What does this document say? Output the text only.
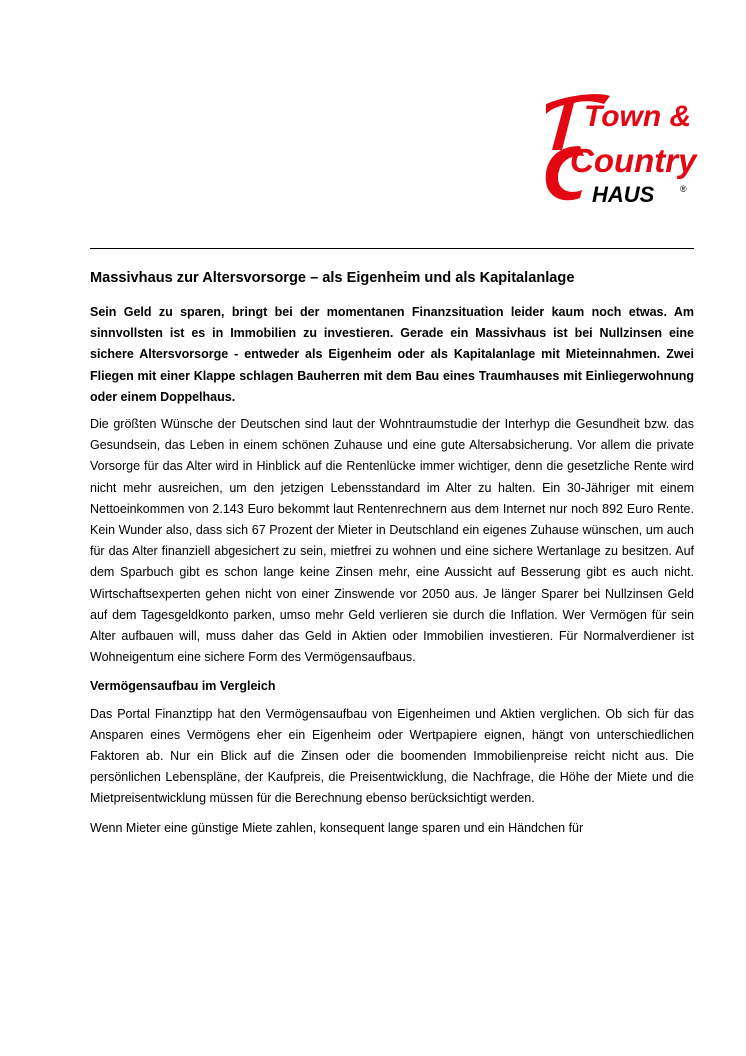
Town &
Country
HAUS	®
Massivhaus zur Altersvorsorge – als Eigenheim und als Kapitalanlage

Sein Geld zu sparen, bringt bei der momentanen Finanzsituation leider kaum noch etwas. Am sinnvollsten ist es in Immobilien zu investieren. Gerade ein Massivhaus ist bei Nullzinsen eine sichere Altersvorsorge - entweder als Eigenheim oder als Kapitalanlage mit Mieteinnahmen. Zwei Fliegen mit einer Klappe schlagen Bauherren mit dem Bau eines Traumhauses mit Einliegerwohnung oder einem Doppelhaus.

Die größten Wünsche der Deutschen sind laut der Wohntraumstudie der Interhyp die Gesundheit bzw. das Gesundsein, das Leben in einem schönen Zuhause und eine gute Altersabsicherung. Vor allem die private Vorsorge für das Alter wird in Hinblick auf die Rentenlücke immer wichtiger, denn die gesetzliche Rente wird nicht mehr ausreichen, um den jetzigen Lebensstandard im Alter zu halten. Ein 30-Jähriger mit einem Nettoeinkommen von 2.143 Euro bekommt laut Rentenrechnern aus dem Internet nur noch 892 Euro Rente. Kein Wunder also, dass sich 67 Prozent der Mieter in Deutschland ein eigenes Zuhause wünschen, um auch für das Alter finanziell abgesichert zu sein, mietfrei zu wohnen und eine sichere Wertanlage zu besitzen. Auf dem Sparbuch gibt es schon lange keine Zinsen mehr, eine Aussicht auf Besserung gibt es auch nicht. Wirtschaftsexperten gehen nicht von einer Zinswende vor 2050 aus. Je länger Sparer bei Nullzinsen Geld auf dem Tagesgeldkonto parken, umso mehr Geld verlieren sie durch die Inflation. Wer Vermögen für sein Alter aufbauen will, muss daher das Geld in Aktien oder Immobilien investieren. Für Normalverdiener ist Wohneigentum eine sichere Form des Vermögensaufbaus.

Vermögensaufbau im Vergleich

Das Portal Finanztipp hat den Vermögensaufbau von Eigenheimen und Aktien verglichen. Ob sich für das Ansparen eines Vermögens eher ein Eigenheim oder Wertpapiere eignen, hängt von unterschiedlichen Faktoren ab. Nur ein Blick auf die Zinsen oder die boomenden Immobilienpreise reicht nicht aus. Die persönlichen Lebenspläne, der Kaufpreis, die Preisentwicklung, die Nachfrage, die Höhe der Miete und die Mietpreisentwicklung müssen für die Berechnung ebenso berücksichtigt werden.

Wenn Mieter eine günstige Miete zahlen, konsequent lange sparen und ein Händchen für
